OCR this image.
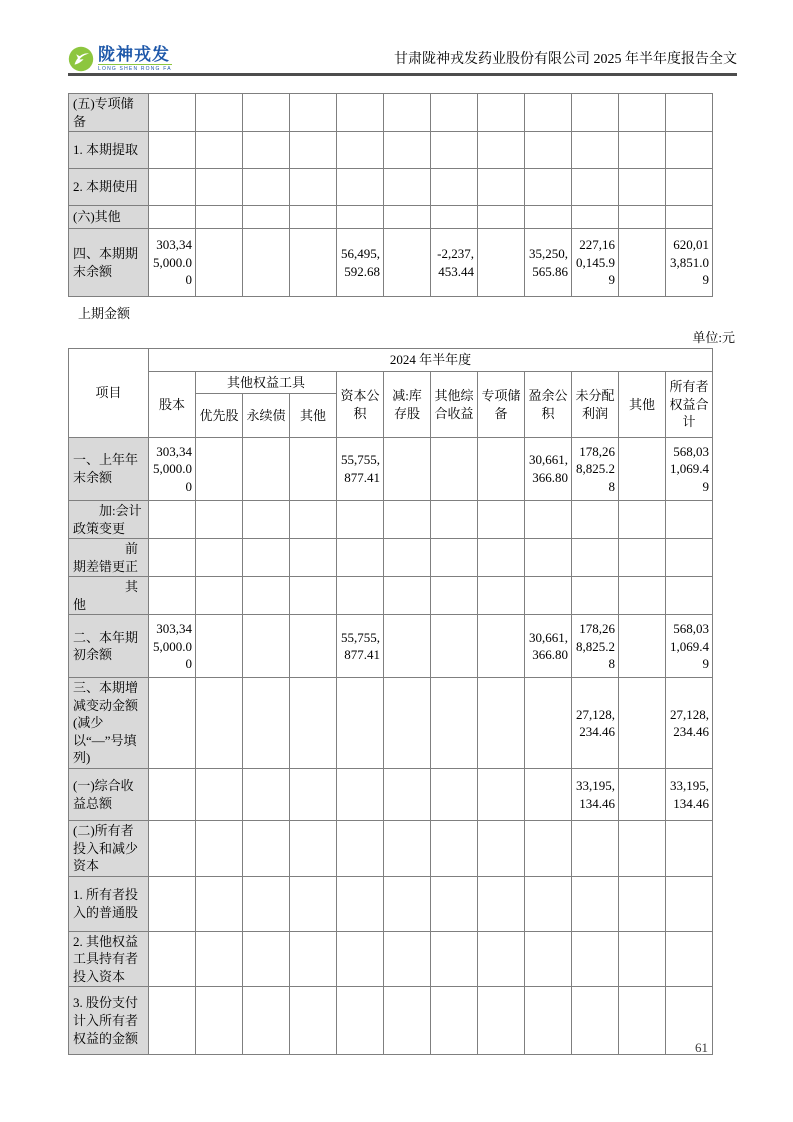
陇神戎发
LONG SHEN RONG FA
甘肃陇神戎发药业股份有限公司 2025 年半年度报告全文
(五)专项储备												
1. 本期提取												
2. 本期使用												
(六)其他												
四、本期期末余额	303,345,000.00				56,495,592.68		-2,237,453.44		35,250,565.86	227,160,145.99		620,013,851.09
上期金额
单位:元
项目	2024 年半年度											
	股本	其他权益工具			资本公积	减:库存股	其他综合收益	专项储备	盈余公积	未分配利润	其他	所有者权益合计
		优先股	永续债	其他								
一、上年年末余额	303,345,000.00				55,755,877.41				30,661,366.80	178,268,825.28		568,031,069.49
　　加:会计政策变更												
　　　　前期差错更正												
　　　　其他												
二、本年期初余额	303,345,000.00				55,755,877.41				30,661,366.80	178,268,825.28		568,031,069.49
三、本期增减变动金额(减少以“—”号填列)										27,128,234.46		27,128,234.46
(一)综合收益总额										33,195,134.46		33,195,134.46
(二)所有者投入和减少资本												
1. 所有者投入的普通股												
2. 其他权益工具持有者投入资本												
3. 股份支付计入所有者权益的金额												
61
